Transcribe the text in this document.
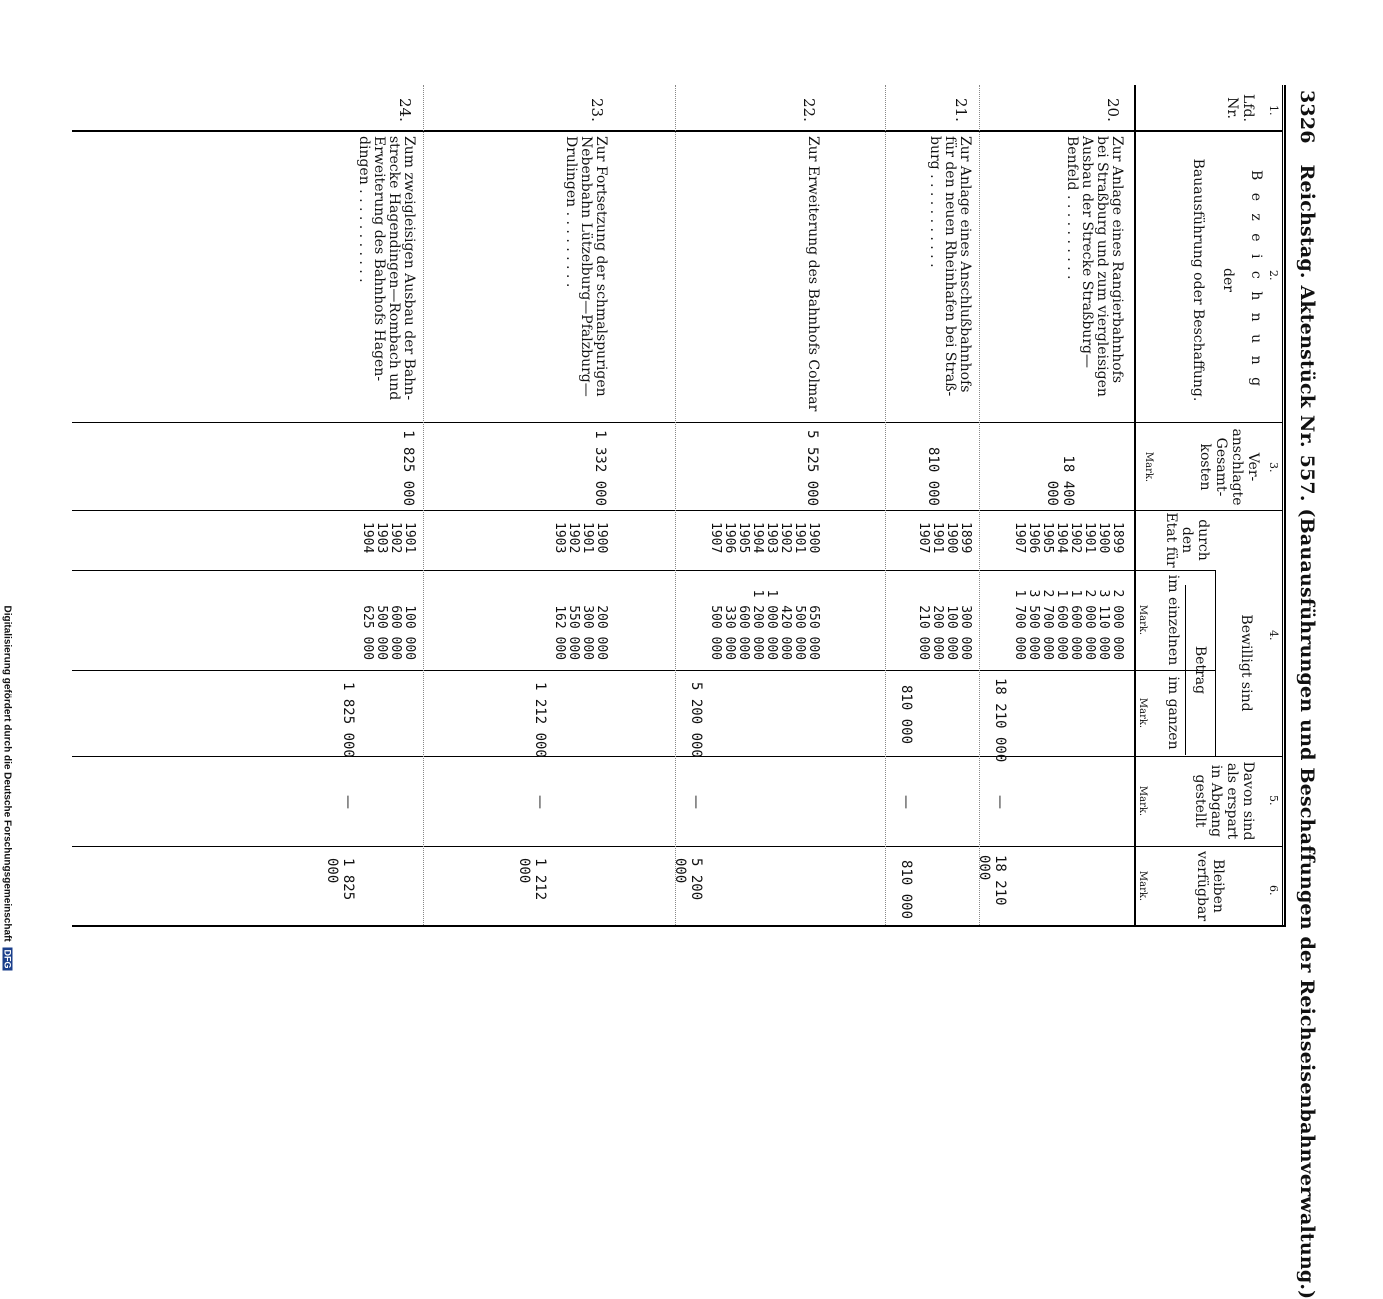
3326 Reichstag. Aktenstück Nr. 557. (Bauausführungen und Beschaffungen der Reichseisenbahnverwaltung.)
1.
2.
3.
4.
5.
6.
Lfd. Nr.
B e z e i c h n u n g
der
Bauausführung oder Beschaffung.
Ver- anschlagte Gesamt- kosten
Mark.
Bewilligt sind
durch den Etat für
Betrag
im einzelnen
im ganzen
Mark.
Mark.
Davon sind als erspart in Abgang gestellt
Mark.
Bleiben verfügbar
Mark.
20.
Zur Anlage eines Rangierbahnhofs
bei Straßburg und zum viergleisigen
Ausbau der Strecke Straßburg—
Benfeld . . . . . . . . . .
18 400 000
1899
1900
1901
1902
1904
1905
1906
1907
2 000 000
3 110 000
2 000 000
1 600 000
1 600 000
2 700 000
3 500 000
1 700 000
18 210 000
—
18 210 000
21.
Zur Anlage eines Anschlußbahnhofs
für den neuen Rheinhafen bei Straß-
burg . . . . . . . . . . .
810 000
1899
1900
1901
1907
300 000
100 000
200 000
210 000
810 000
—
810 000
22.
Zur Erweiterung des Bahnhofs Colmar
5 525 000
1900
1901
1902
1903
1904
1905
1906
1907
650 000
500 000
420 000
1 000 000
1 200 000
600 000
330 000
500 000
5 200 000
—
5 200 000
23.
Zur Fortsetzung der schmalspurigen
Nebenbahn Lützelburg—Pfalzburg—
Drulingen . . . . . . . . .
1 332 000
1900
1901
1902
1903
200 000
300 000
550 000
162 000
1 212 000
—
1 212 000
24.
Zum zweigleisigen Ausbau der Bahn-
strecke Hagendingen—Rombach und
Erweiterung des Bahnhofs Hagen-
dingen . . . . . . . . . . .
1 825 000
1901
1902
1903
1904
100 000
600 000
500 000
625 000
1 825 000
—
1 825 000
Digitalisierung gefördert durch die Deutsche Forschungsgemeinschaft DFG
